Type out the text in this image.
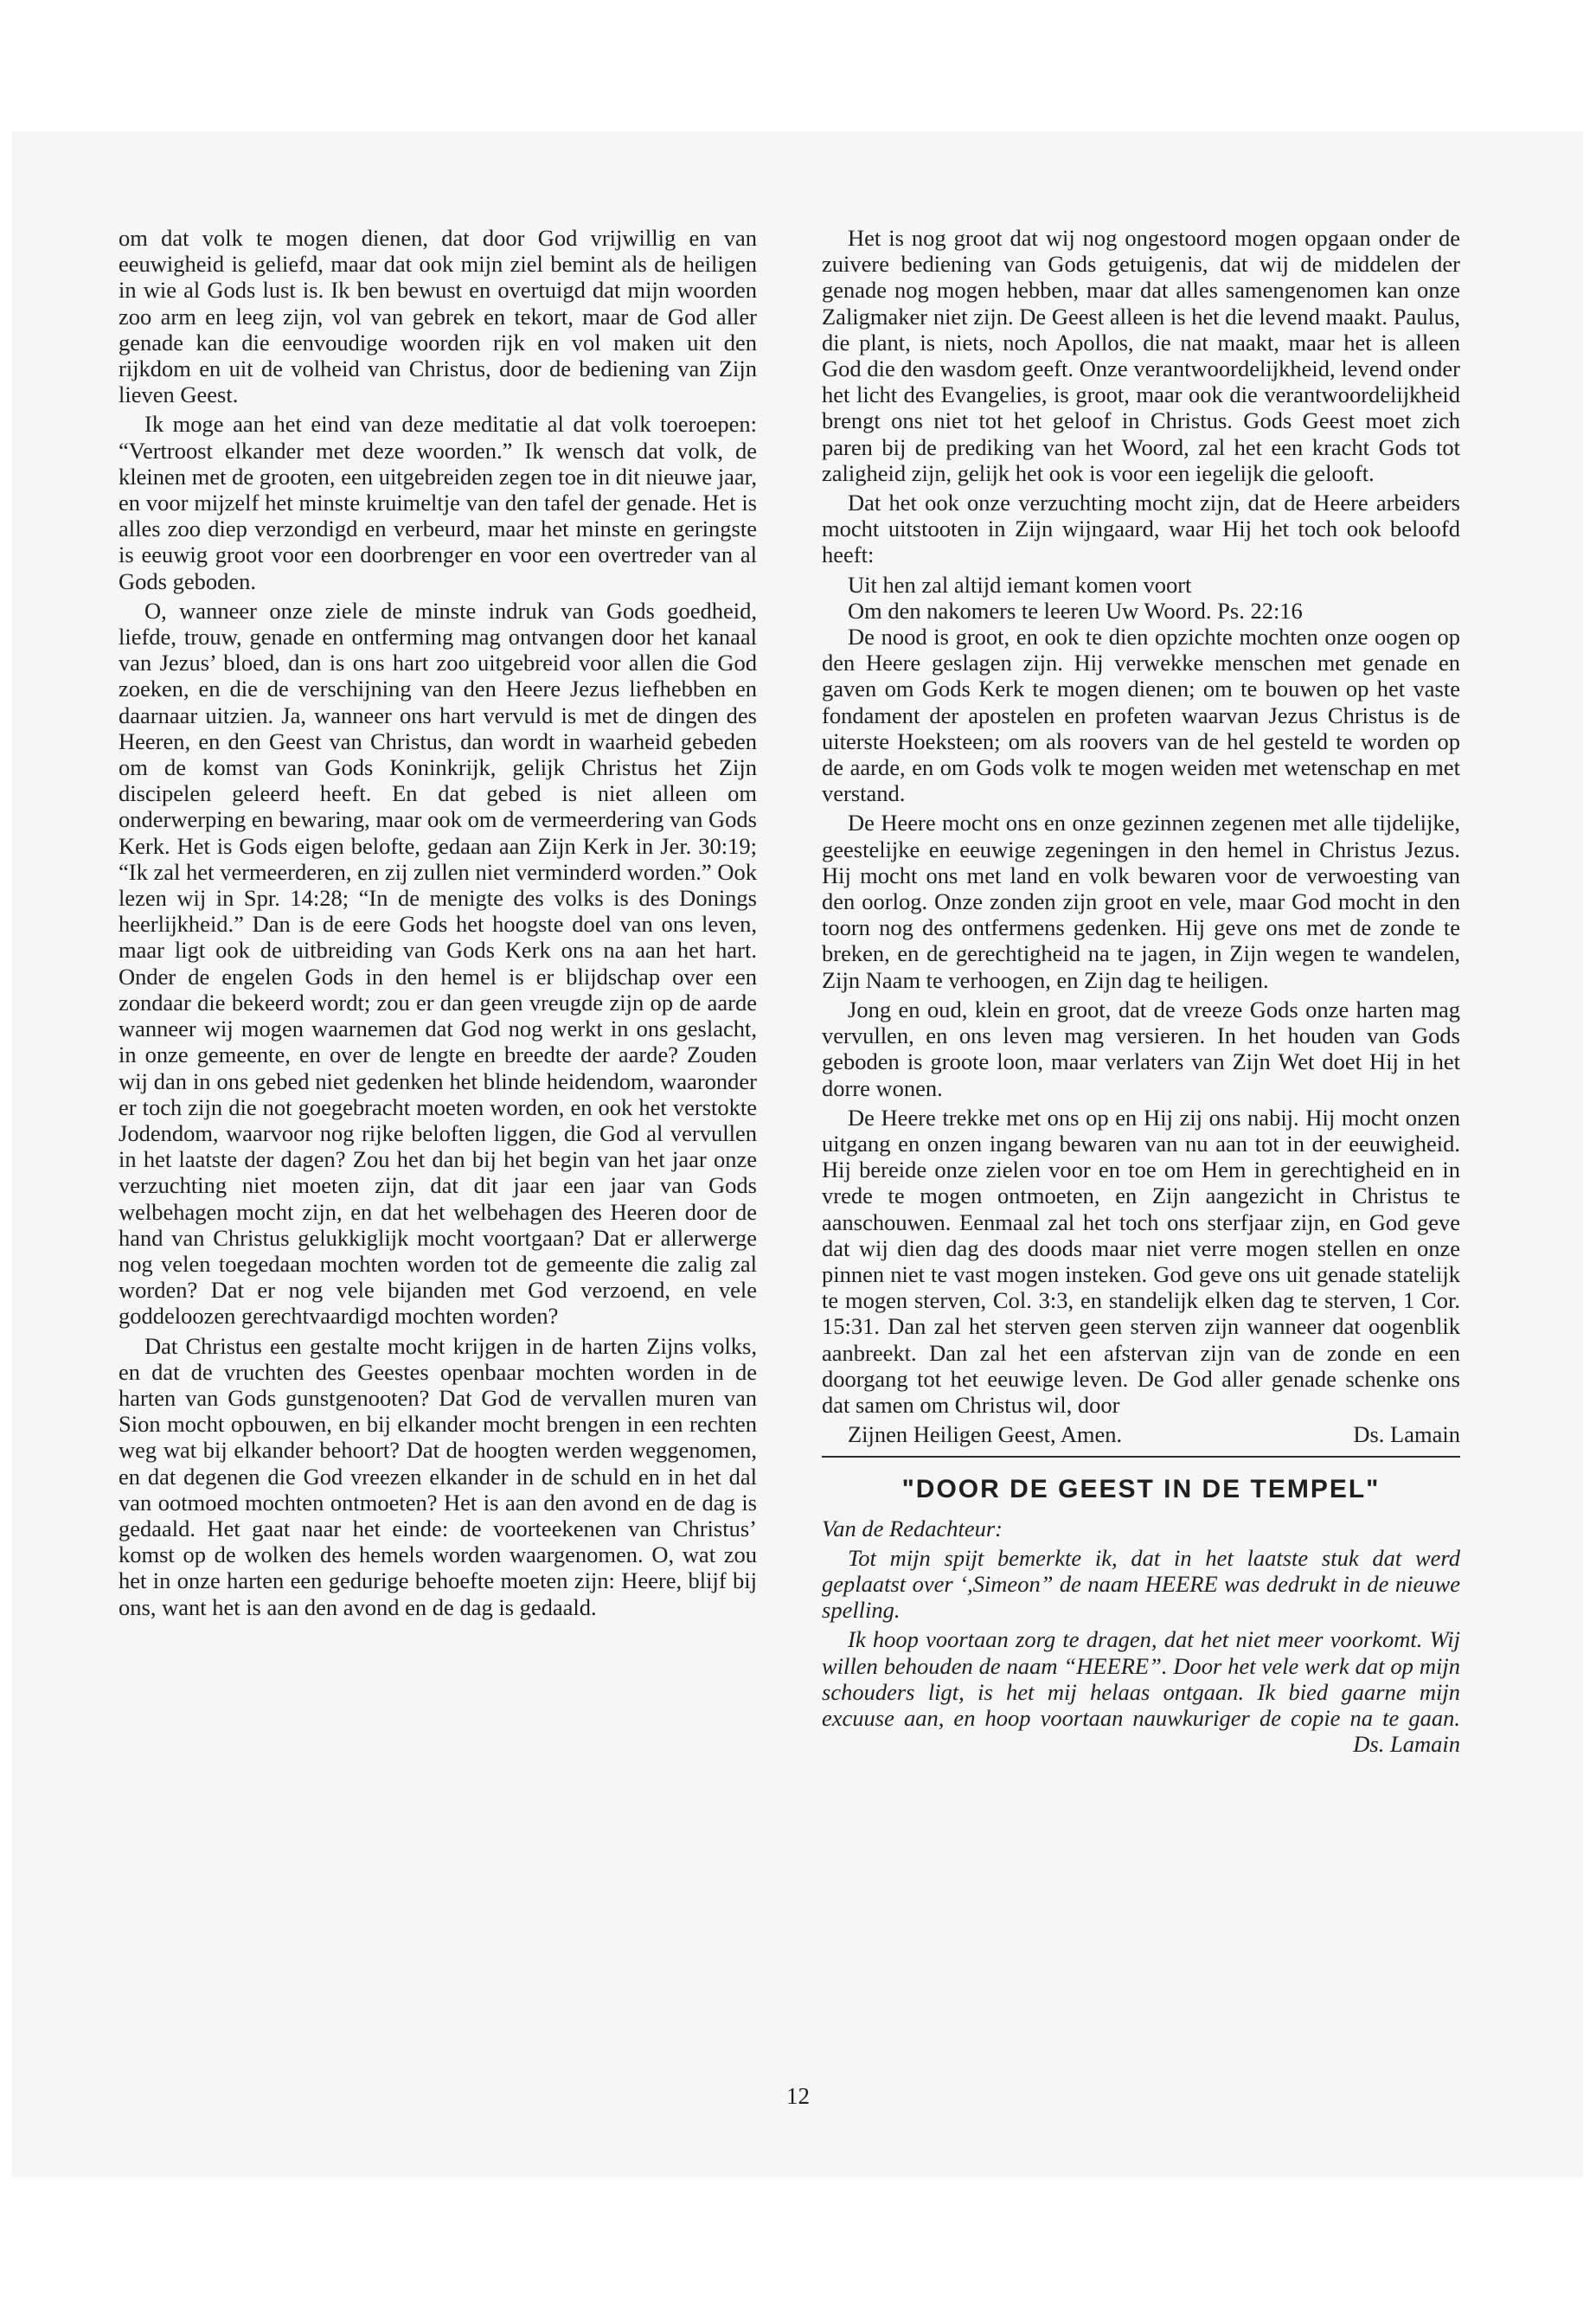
om dat volk te mogen dienen, dat door God vrijwillig en van eeuwigheid is geliefd, maar dat ook mijn ziel bemint als de heiligen in wie al Gods lust is. Ik ben bewust en overtuigd dat mijn woorden zoo arm en leeg zijn, vol van gebrek en tekort, maar de God aller genade kan die eenvoudige woorden rijk en vol maken uit den rijkdom en uit de volheid van Christus, door de bediening van Zijn lieven Geest.

Ik moge aan het eind van deze meditatie al dat volk toeroepen: “Vertroost elkander met deze woorden.” Ik wensch dat volk, de kleinen met de grooten, een uitgebreiden zegen toe in dit nieuwe jaar, en voor mijzelf het minste kruimeltje van den tafel der genade. Het is alles zoo diep verzondigd en verbeurd, maar het minste en geringste is eeuwig groot voor een doorbrenger en voor een overtreder van al Gods geboden.

O, wanneer onze ziele de minste indruk van Gods goedheid, liefde, trouw, genade en ontferming mag ontvangen door het kanaal van Jezus’ bloed, dan is ons hart zoo uitgebreid voor allen die God zoeken, en die de verschijning van den Heere Jezus liefhebben en daarnaar uitzien. Ja, wanneer ons hart vervuld is met de dingen des Heeren, en den Geest van Christus, dan wordt in waarheid gebeden om de komst van Gods Koninkrijk, gelijk Christus het Zijn discipelen geleerd heeft. En dat gebed is niet alleen om onderwerping en bewaring, maar ook om de vermeerdering van Gods Kerk. Het is Gods eigen belofte, gedaan aan Zijn Kerk in Jer. 30:19; “Ik zal het vermeerderen, en zij zullen niet verminderd worden.” Ook lezen wij in Spr. 14:28; “In de menigte des volks is des Donings heerlijkheid.” Dan is de eere Gods het hoogste doel van ons leven, maar ligt ook de uitbreiding van Gods Kerk ons na aan het hart. Onder de engelen Gods in den hemel is er blijdschap over een zondaar die bekeerd wordt; zou er dan geen vreugde zijn op de aarde wanneer wij mogen waarnemen dat God nog werkt in ons geslacht, in onze gemeente, en over de lengte en breedte der aarde? Zouden wij dan in ons gebed niet gedenken het blinde heidendom, waaronder er toch zijn die not goegebracht moeten worden, en ook het verstokte Jodendom, waarvoor nog rijke beloften liggen, die God al vervullen in het laatste der dagen? Zou het dan bij het begin van het jaar onze verzuchting niet moeten zijn, dat dit jaar een jaar van Gods welbehagen mocht zijn, en dat het welbehagen des Heeren door de hand van Christus gelukkiglijk mocht voortgaan? Dat er allerwerge nog velen toegedaan mochten worden tot de gemeente die zalig zal worden? Dat er nog vele bijanden met God verzoend, en vele goddeloozen gerechtvaardigd mochten worden?

Dat Christus een gestalte mocht krijgen in de harten Zijns volks, en dat de vruchten des Geestes openbaar mochten worden in de harten van Gods gunstgenooten? Dat God de vervallen muren van Sion mocht opbouwen, en bij elkander mocht brengen in een rechten weg wat bij elkander behoort? Dat de hoogten werden weggenomen, en dat degenen die God vreezen elkander in de schuld en in het dal van ootmoed mochten ontmoeten? Het is aan den avond en de dag is gedaald. Het gaat naar het einde: de voorteekenen van Christus’ komst op de wolken des hemels worden waargenomen. O, wat zou het in onze harten een gedurige behoefte moeten zijn: Heere, blijf bij ons, want het is aan den avond en de dag is gedaald.

Het is nog groot dat wij nog ongestoord mogen opgaan onder de zuivere bediening van Gods getuigenis, dat wij de middelen der genade nog mogen hebben, maar dat alles samengenomen kan onze Zaligmaker niet zijn. De Geest alleen is het die levend maakt. Paulus, die plant, is niets, noch Apollos, die nat maakt, maar het is alleen God die den wasdom geeft. Onze verantwoordelijkheid, levend onder het licht des Evangelies, is groot, maar ook die verantwoordelijkheid brengt ons niet tot het geloof in Christus. Gods Geest moet zich paren bij de prediking van het Woord, zal het een kracht Gods tot zaligheid zijn, gelijk het ook is voor een iegelijk die gelooft.

Dat het ook onze verzuchting mocht zijn, dat de Heere arbeiders mocht uitstooten in Zijn wijngaard, waar Hij het toch ook beloofd heeft:

Uit hen zal altijd iemant komen voort

Om den nakomers te leeren Uw Woord. Ps. 22:16

De nood is groot, en ook te dien opzichte mochten onze oogen op den Heere geslagen zijn. Hij verwekke menschen met genade en gaven om Gods Kerk te mogen dienen; om te bouwen op het vaste fondament der apostelen en profeten waarvan Jezus Christus is de uiterste Hoeksteen; om als roovers van de hel gesteld te worden op de aarde, en om Gods volk te mogen weiden met wetenschap en met verstand.

De Heere mocht ons en onze gezinnen zegenen met alle tijdelijke, geestelijke en eeuwige zegeningen in den hemel in Christus Jezus. Hij mocht ons met land en volk bewaren voor de verwoesting van den oorlog. Onze zonden zijn groot en vele, maar God mocht in den toorn nog des ontfermens gedenken. Hij geve ons met de zonde te breken, en de gerechtigheid na te jagen, in Zijn wegen te wandelen, Zijn Naam te verhoogen, en Zijn dag te heiligen.

Jong en oud, klein en groot, dat de vreeze Gods onze harten mag vervullen, en ons leven mag versieren. In het houden van Gods geboden is groote loon, maar verlaters van Zijn Wet doet Hij in het dorre wonen.

De Heere trekke met ons op en Hij zij ons nabij. Hij mocht onzen uitgang en onzen ingang bewaren van nu aan tot in der eeuwigheid. Hij bereide onze zielen voor en toe om Hem in gerechtigheid en in vrede te mogen ontmoeten, en Zijn aangezicht in Christus te aanschouwen. Eenmaal zal het toch ons sterfjaar zijn, en God geve dat wij dien dag des doods maar niet verre mogen stellen en onze pinnen niet te vast mogen insteken. God geve ons uit genade statelijk te mogen sterven, Col. 3:3, en standelijk elken dag te sterven, 1 Cor. 15:31. Dan zal het sterven geen sterven zijn wanneer dat oogenblik aanbreekt. Dan zal het een afstervan zijn van de zonde en een doorgang tot het eeuwige leven. De God aller genade schenke ons dat samen om Christus wil, door

Zijnen Heiligen Geest, Amen.	Ds. Lamain
"DOOR DE GEEST IN DE TEMPEL"

Van de Redachteur:

Tot mijn spijt bemerkte ik, dat in het laatste stuk dat werd geplaatst over ‘,Simeon” de naam HEERE was dedrukt in de nieuwe spelling.

Ik hoop voortaan zorg te dragen, dat het niet meer voorkomt. Wij willen behouden de naam “HEERE”. Door het vele werk dat op mijn schouders ligt, is het mij helaas ontgaan. Ik bied gaarne mijn excuuse aan, en hoop voortaan nauwkuriger de copie na te gaan.
Ds. Lamain
12
